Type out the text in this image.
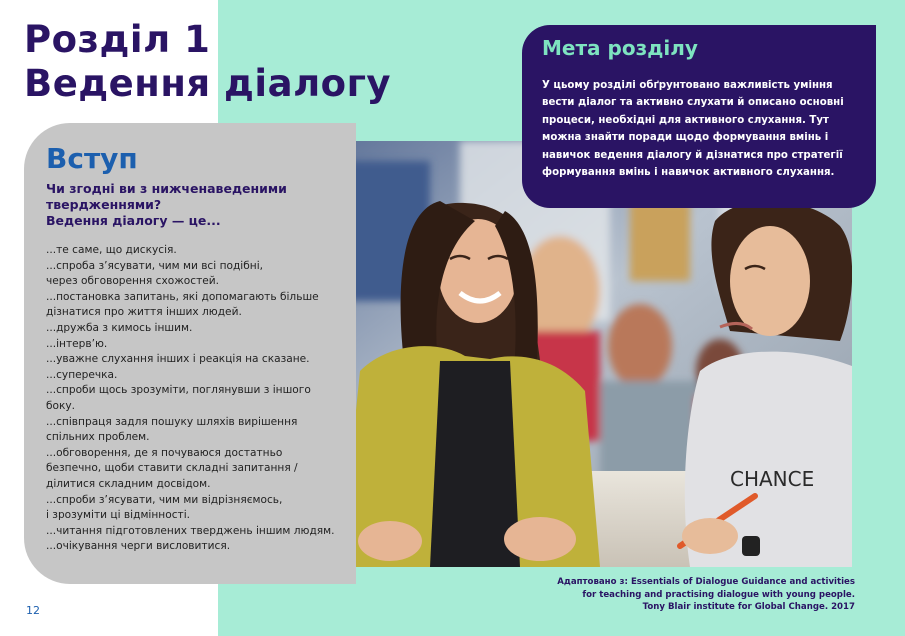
Розділ 1
Ведення діалогу
CHANCE
Вступ

Чи згодні ви з нижченаведеними
твердженнями?
Ведення діалогу — це...

...те саме, що дискусія.
...спроба з’ясувати, чим ми всі подібні,
через обговорення схожостей.
...постановка запитань, які допомагають більше
дізнатися про життя інших людей.
...дружба з кимось іншим.
...інтерв’ю.
...уважне слухання інших і реакція на сказане.
...суперечка.
...спроби щось зрозуміти, поглянувши з іншого боку.
...співпраця задля пошуку шляхів вирішення
спільних проблем.
...обговорення, де я почуваюся достатньо
безпечно, щоби ставити складні запитання /
ділитися складним досвідом.
...спроби з’ясувати, чим ми відрізняємось,
і зрозуміти ці відмінності.
...читання підготовлених тверджень іншим людям.
...очікування черги висловитися.
Мета розділу

У цьому розділі обґрунтовано важливість уміння вести діалог та активно слухати й описано основні процеси, необхідні для активного слухання. Тут можна знайти поради щодо формування вмінь і навичок ведення діалогу й дізнатися про стратегії формування вмінь і навичок активного слухання.

Адаптовано з: Essentials of Dialogue Guidance and activities
for teaching and practising dialogue with young people.
Tony Blair institute for Global Change. 2017
12
